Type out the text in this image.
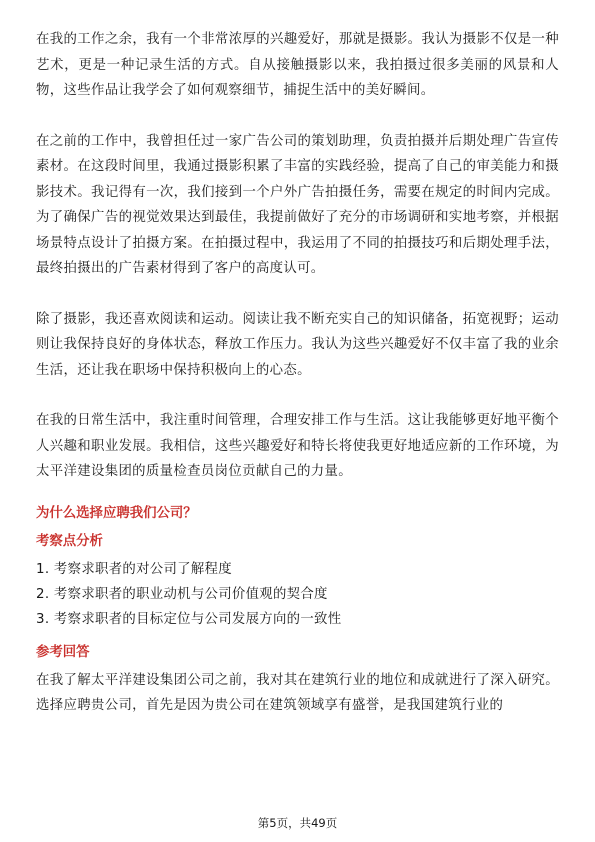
在我的工作之余，我有一个非常浓厚的兴趣爱好，那就是摄影。我认为摄影不仅是一种艺术，更是一种记录生活的方式。自从接触摄影以来，我拍摄过很多美丽的风景和人物，这些作品让我学会了如何观察细节，捕捉生活中的美好瞬间。

在之前的工作中，我曾担任过一家广告公司的策划助理，负责拍摄并后期处理广告宣传素材。在这段时间里，我通过摄影积累了丰富的实践经验，提高了自己的审美能力和摄影技术。我记得有一次，我们接到一个户外广告拍摄任务，需要在规定的时间内完成。为了确保广告的视觉效果达到最佳，我提前做好了充分的市场调研和实地考察，并根据场景特点设计了拍摄方案。在拍摄过程中，我运用了不同的拍摄技巧和后期处理手法，最终拍摄出的广告素材得到了客户的高度认可。

除了摄影，我还喜欢阅读和运动。阅读让我不断充实自己的知识储备，拓宽视野；运动则让我保持良好的身体状态，释放工作压力。我认为这些兴趣爱好不仅丰富了我的业余生活，还让我在职场中保持积极向上的心态。

在我的日常生活中，我注重时间管理，合理安排工作与生活。这让我能够更好地平衡个人兴趣和职业发展。我相信，这些兴趣爱好和特长将使我更好地适应新的工作环境，为太平洋建设集团的质量检查员岗位贡献自己的力量。

为什么选择应聘我们公司？
考察点分析
1. 考察求职者的对公司了解程度
2. 考察求职者的职业动机与公司价值观的契合度
3. 考察求职者的目标定位与公司发展方向的一致性
参考回答

在我了解太平洋建设集团公司之前，我对其在建筑行业的地位和成就进行了深入研究。选择应聘贵公司，首先是因为贵公司在建筑领域享有盛誉，是我国建筑行业的

第5页，共49页
